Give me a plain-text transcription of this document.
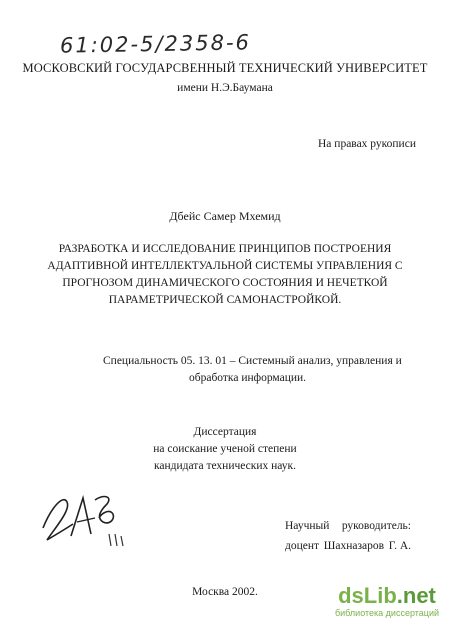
61:02-5/2358-6
МОСКОВСКИЙ ГОСУДАРСВЕННЫЙ ТЕХНИЧЕСКИЙ УНИВЕРСИТЕТ
имени Н.Э.Баумана
На правах рукописи
Дбейс Самер Мхемид
РАЗРАБОТКА И ИССЛЕДОВАНИЕ ПРИНЦИПОВ ПОСТРОЕНИЯ
АДАПТИВНОЙ ИНТЕЛЛЕКТУАЛЬНОЙ СИСТЕМЫ УПРАВЛЕНИЯ С
ПРОГНОЗОМ ДИНАМИЧЕСКОГО СОСТОЯНИЯ И НЕЧЕТКОЙ
ПАРАМЕТРИЧЕСКОЙ САМОНАСТРОЙКОЙ.
Специальность 05. 13. 01 – Системный анализ, управления и
обработка информации.
Диссертация
на соискание ученой степени
кандидата технических наук.
Научный руководитель:
доцент Шахназаров Г. А.
Москва 2002.	dsLib.net
библиотека диссертаций
